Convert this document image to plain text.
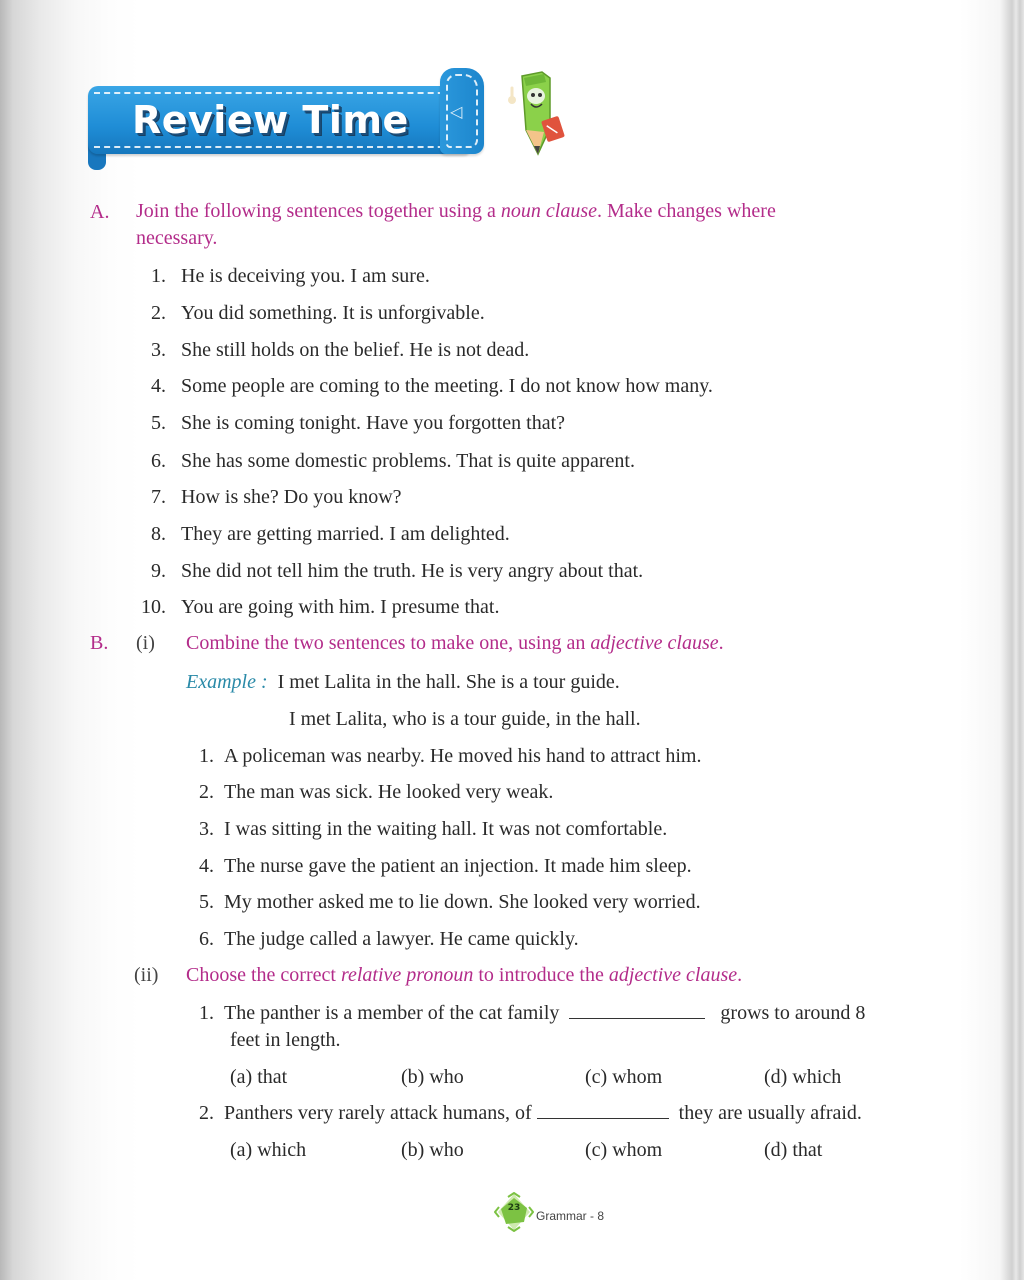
◁
Review Time
A. Join the following sentences together using a noun clause. Make changes where
necessary.
1. He is deceiving you. I am sure.
2. You did something. It is unforgivable.
3. She still holds on the belief. He is not dead.
4. Some people are coming to the meeting. I do not know how many.
5. She is coming tonight. Have you forgotten that?
6. She has some domestic problems. That is quite apparent.
7. How is she? Do you know?
8. They are getting married. I am delighted.
9. She did not tell him the truth. He is very angry about that.
10. You are going with him. I presume that.
B. (i) Combine the two sentences to make one, using an adjective clause.
Example : I met Lalita in the hall. She is a tour guide.
I met Lalita, who is a tour guide, in the hall.
1. A policeman was nearby. He moved his hand to attract him.
2. The man was sick. He looked very weak.
3. I was sitting in the waiting hall. It was not comfortable.
4. The nurse gave the patient an injection. It made him sleep.
5. My mother asked me to lie down. She looked very worried.
6. The judge called a lawyer. He came quickly.
(ii) Choose the correct relative pronoun to introduce the adjective clause.
1. The panther is a member of the cat family	grows to around 8
feet in length.
(a) that	(b) who	(c) whom	(d) which
2. Panthers very rarely attack humans, of	they are usually afraid.
(a) which	(b) who	(c) whom	(d) that
23
Grammar - 8
